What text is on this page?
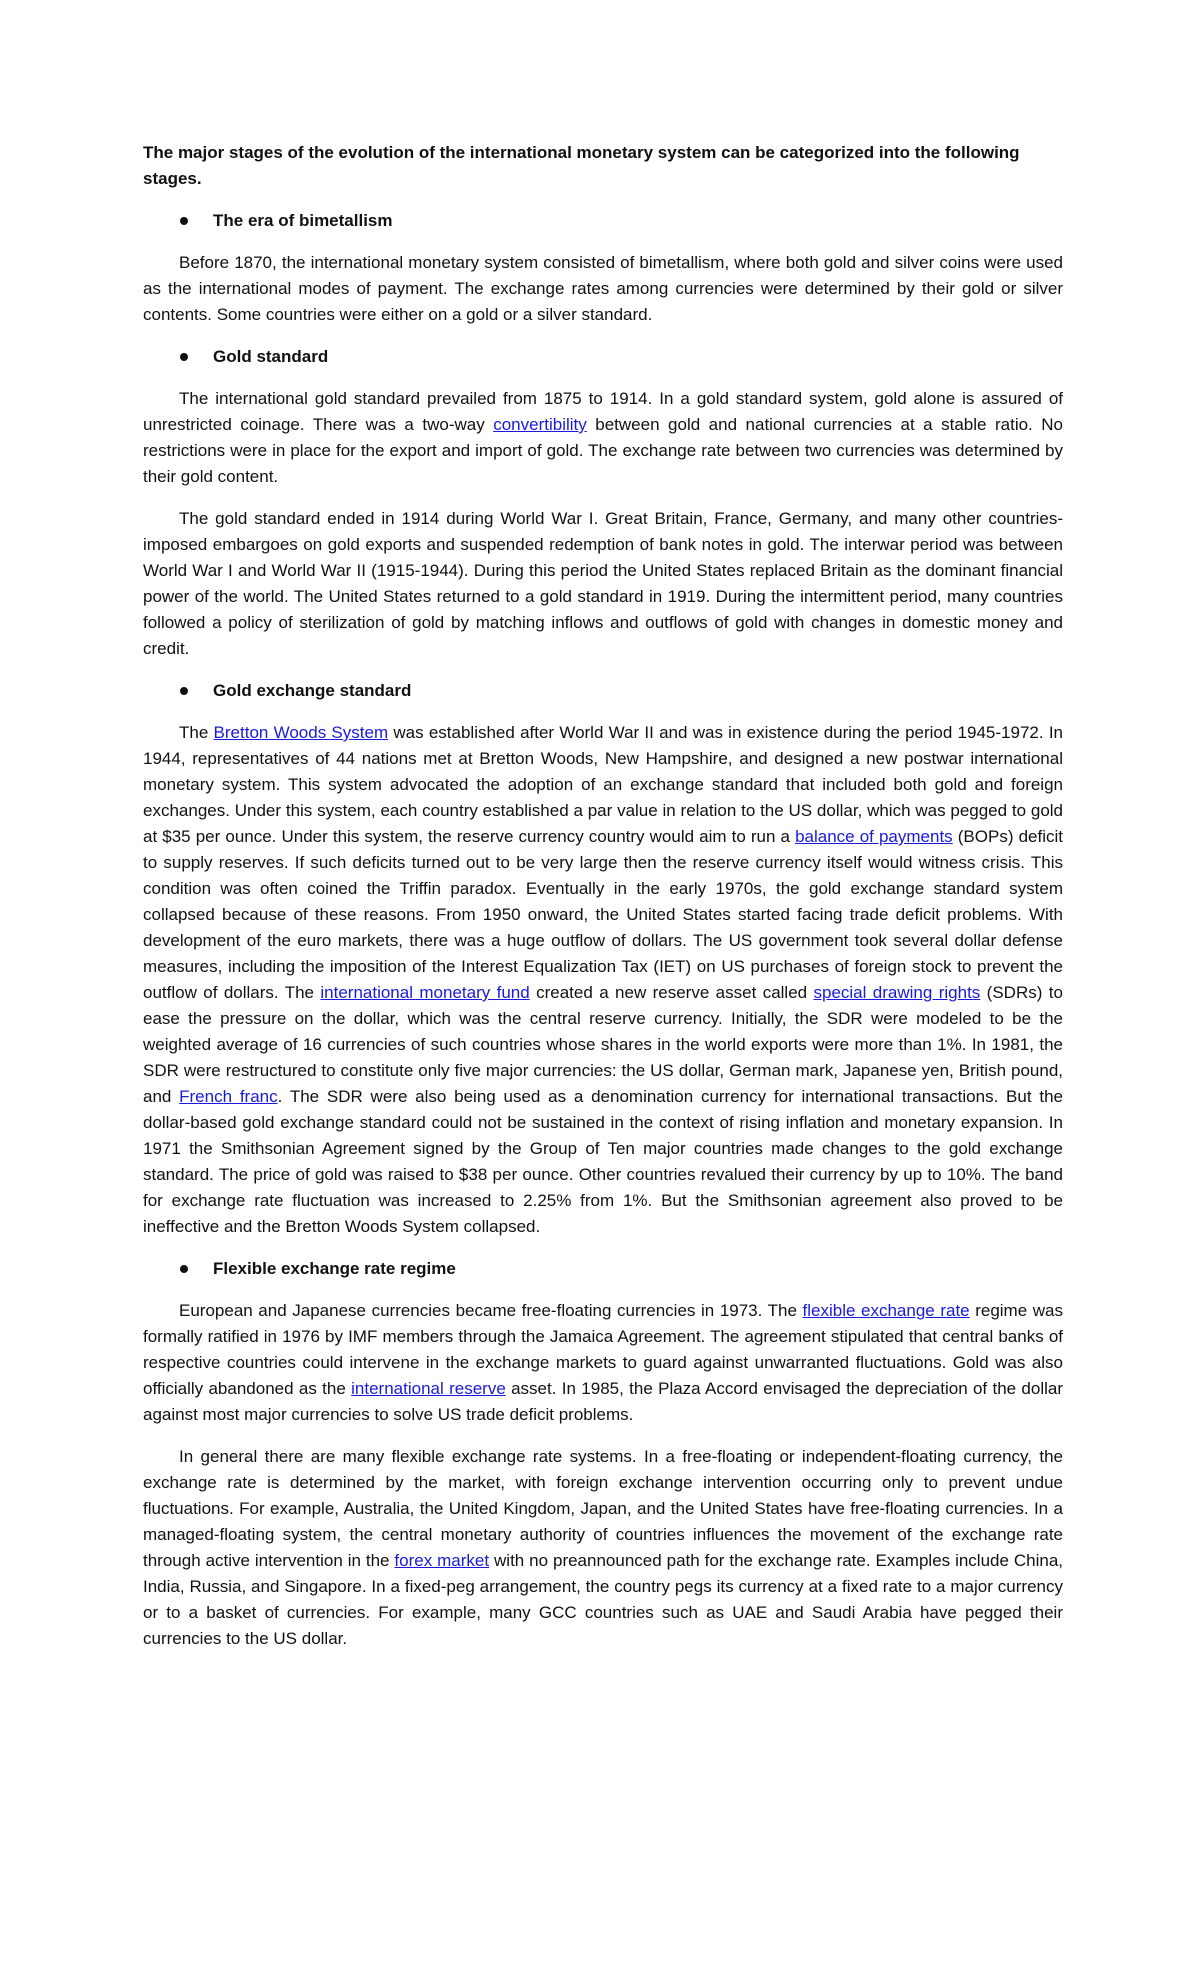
The major stages of the evolution of the international monetary system can be categorized into the following stages.

The era of bimetallism

Before 1870, the international monetary system consisted of bimetallism, where both gold and silver coins were used as the international modes of payment. The exchange rates among currencies were determined by their gold or silver contents. Some countries were either on a gold or a silver standard.

Gold standard

The international gold standard prevailed from 1875 to 1914. In a gold standard system, gold alone is assured of unrestricted coinage. There was a two-way convertibility between gold and national currencies at a stable ratio. No restrictions were in place for the export and import of gold. The exchange rate between two currencies was determined by their gold content.

The gold standard ended in 1914 during World War I. Great Britain, France, Germany, and many other countries-imposed embargoes on gold exports and suspended redemption of bank notes in gold. The interwar period was between World War I and World War II (1915-1944). During this period the United States replaced Britain as the dominant financial power of the world. The United States returned to a gold standard in 1919. During the intermittent period, many countries followed a policy of sterilization of gold by matching inflows and outflows of gold with changes in domestic money and credit.

Gold exchange standard

The Bretton Woods System was established after World War II and was in existence during the period 1945-1972. In 1944, representatives of 44 nations met at Bretton Woods, New Hampshire, and designed a new postwar international monetary system. This system advocated the adoption of an exchange standard that included both gold and foreign exchanges. Under this system, each country established a par value in relation to the US dollar, which was pegged to gold at $35 per ounce. Under this system, the reserve currency country would aim to run a balance of payments (BOPs) deficit to supply reserves. If such deficits turned out to be very large then the reserve currency itself would witness crisis. This condition was often coined the Triffin paradox. Eventually in the early 1970s, the gold exchange standard system collapsed because of these reasons. From 1950 onward, the United States started facing trade deficit problems. With development of the euro markets, there was a huge outflow of dollars. The US government took several dollar defense measures, including the imposition of the Interest Equalization Tax (IET) on US purchases of foreign stock to prevent the outflow of dollars. The international monetary fund created a new reserve asset called special drawing rights (SDRs) to ease the pressure on the dollar, which was the central reserve currency. Initially, the SDR were modeled to be the weighted average of 16 currencies of such countries whose shares in the world exports were more than 1%. In 1981, the SDR were restructured to constitute only five major currencies: the US dollar, German mark, Japanese yen, British pound, and French franc. The SDR were also being used as a denomination currency for international transactions. But the dollar-based gold exchange standard could not be sustained in the context of rising inflation and monetary expansion. In 1971 the Smithsonian Agreement signed by the Group of Ten major countries made changes to the gold exchange standard. The price of gold was raised to $38 per ounce. Other countries revalued their currency by up to 10%. The band for exchange rate fluctuation was increased to 2.25% from 1%. But the Smithsonian agreement also proved to be ineffective and the Bretton Woods System collapsed.

Flexible exchange rate regime

European and Japanese currencies became free-floating currencies in 1973. The flexible exchange rate regime was formally ratified in 1976 by IMF members through the Jamaica Agreement. The agreement stipulated that central banks of respective countries could intervene in the exchange markets to guard against unwarranted fluctuations. Gold was also officially abandoned as the international reserve asset. In 1985, the Plaza Accord envisaged the depreciation of the dollar against most major currencies to solve US trade deficit problems.

In general there are many flexible exchange rate systems. In a free-floating or independent-floating currency, the exchange rate is determined by the market, with foreign exchange intervention occurring only to prevent undue fluctuations. For example, Australia, the United Kingdom, Japan, and the United States have free-floating currencies. In a managed-floating system, the central monetary authority of countries influences the movement of the exchange rate through active intervention in the forex market with no preannounced path for the exchange rate. Examples include China, India, Russia, and Singapore. In a fixed-peg arrangement, the country pegs its currency at a fixed rate to a major currency or to a basket of currencies. For example, many GCC countries such as UAE and Saudi Arabia have pegged their currencies to the US dollar.
